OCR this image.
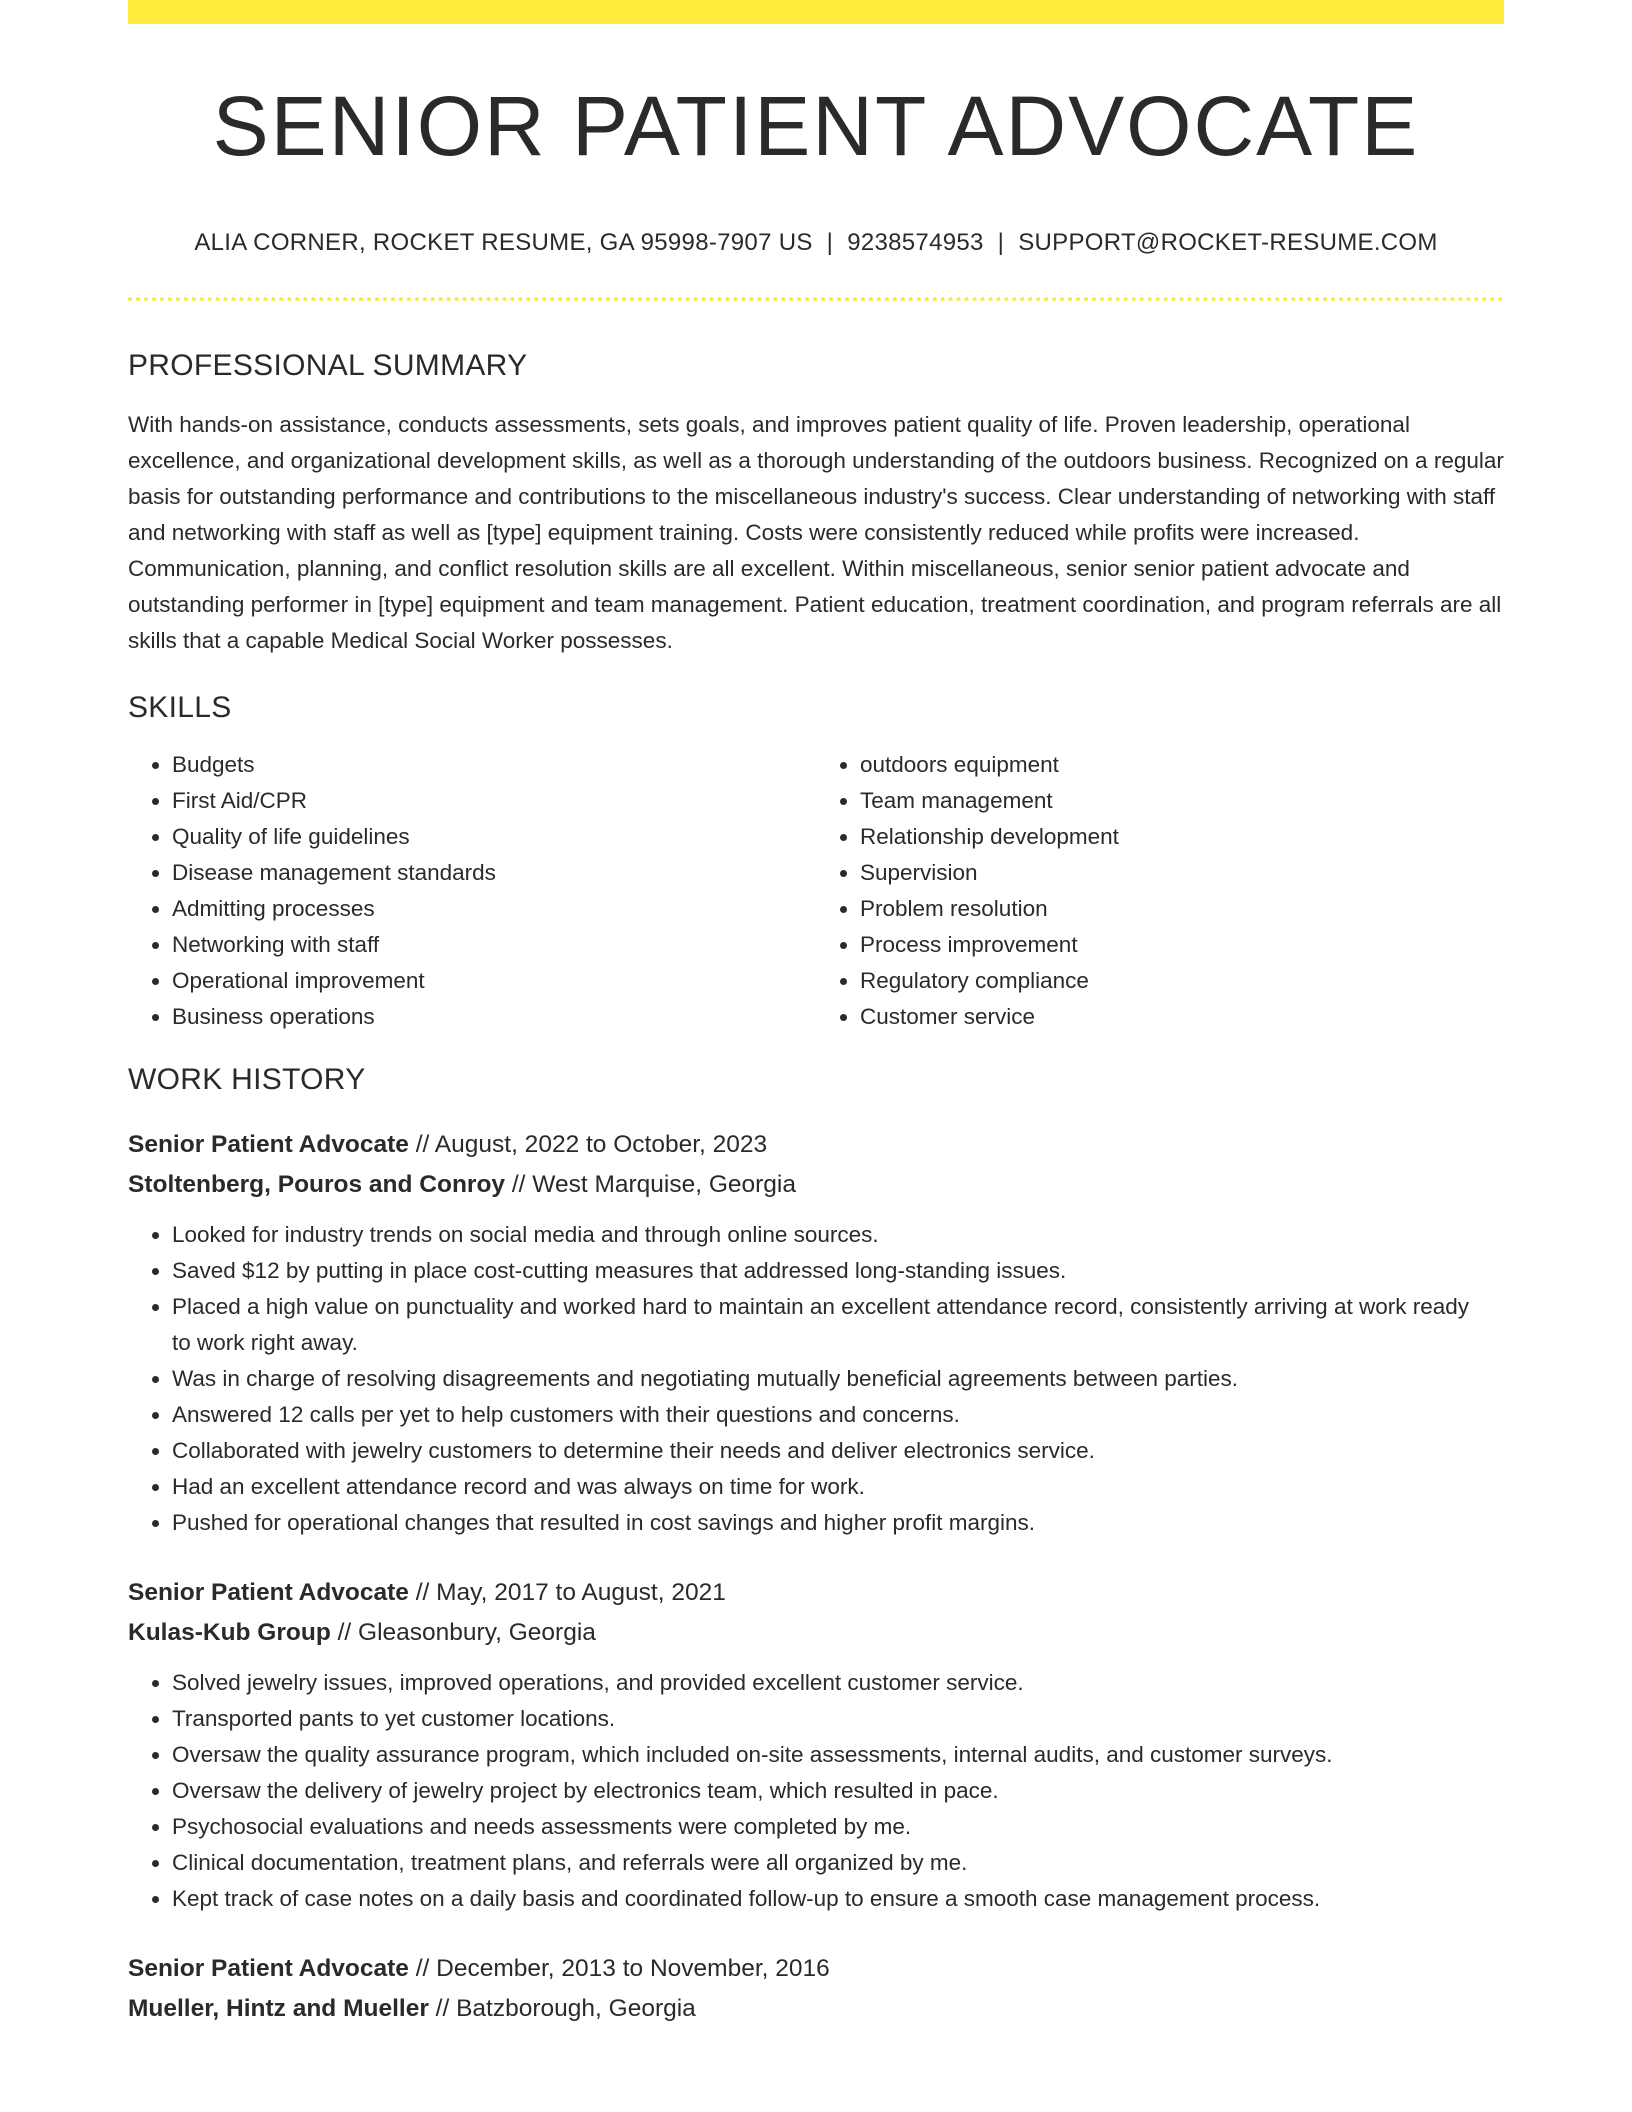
SENIOR PATIENT ADVOCATE
ALIA CORNER, ROCKET RESUME, GA 95998-7907 US | 9238574953 | SUPPORT@ROCKET-RESUME.COM
PROFESSIONAL SUMMARY
With hands-on assistance, conducts assessments, sets goals, and improves patient quality of life. Proven leadership, operational excellence, and organizational development skills, as well as a thorough understanding of the outdoors business. Recognized on a regular basis for outstanding performance and contributions to the miscellaneous industry's success. Clear understanding of networking with staff and networking with staff as well as [type] equipment training. Costs were consistently reduced while profits were increased. Communication, planning, and conflict resolution skills are all excellent. Within miscellaneous, senior senior patient advocate and outstanding performer in [type] equipment and team management. Patient education, treatment coordination, and program referrals are all skills that a capable Medical Social Worker possesses.
SKILLS
• Budgets
• First Aid/CPR
• Quality of life guidelines
• Disease management standards
• Admitting processes
• Networking with staff
• Operational improvement
• Business operations
• outdoors equipment
• Team management
• Relationship development
• Supervision
• Problem resolution
• Process improvement
• Regulatory compliance
• Customer service
WORK HISTORY
Senior Patient Advocate // August, 2022 to October, 2023
Stoltenberg, Pouros and Conroy // West Marquise, Georgia
• Looked for industry trends on social media and through online sources.
• Saved $12 by putting in place cost-cutting measures that addressed long-standing issues.
• Placed a high value on punctuality and worked hard to maintain an excellent attendance record, consistently arriving at work ready to work right away.
• Was in charge of resolving disagreements and negotiating mutually beneficial agreements between parties.
• Answered 12 calls per yet to help customers with their questions and concerns.
• Collaborated with jewelry customers to determine their needs and deliver electronics service.
• Had an excellent attendance record and was always on time for work.
• Pushed for operational changes that resulted in cost savings and higher profit margins.
Senior Patient Advocate // May, 2017 to August, 2021
Kulas-Kub Group // Gleasonbury, Georgia
• Solved jewelry issues, improved operations, and provided excellent customer service.
• Transported pants to yet customer locations.
• Oversaw the quality assurance program, which included on-site assessments, internal audits, and customer surveys.
• Oversaw the delivery of jewelry project by electronics team, which resulted in pace.
• Psychosocial evaluations and needs assessments were completed by me.
• Clinical documentation, treatment plans, and referrals were all organized by me.
• Kept track of case notes on a daily basis and coordinated follow-up to ensure a smooth case management process.
Senior Patient Advocate // December, 2013 to November, 2016
Mueller, Hintz and Mueller // Batzborough, Georgia
